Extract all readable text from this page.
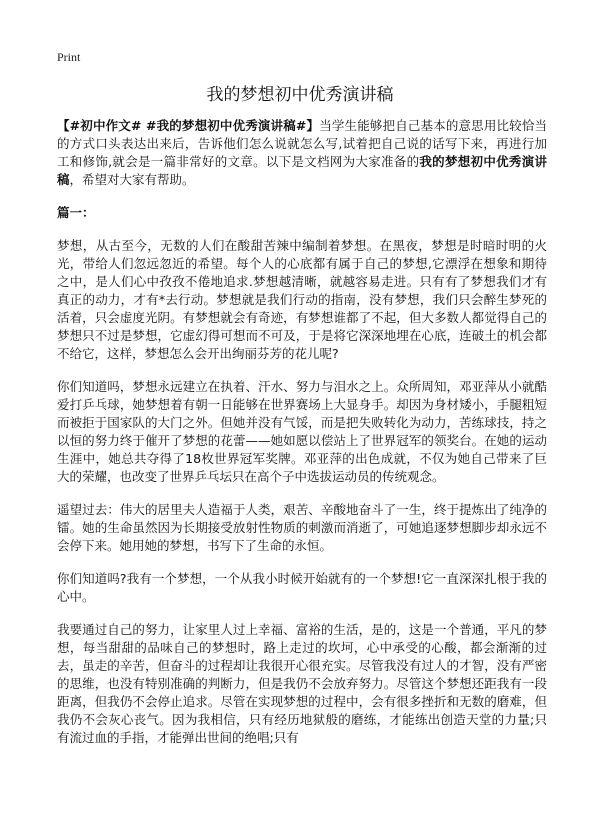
Print
我的梦想初中优秀演讲稿

【#初中作文# #我的梦想初中优秀演讲稿#】当学生能够把自己基本的意思用比较恰当的方式口头表达出来后，告诉他们怎么说就怎么写,试着把自己说的话写下来，再进行加工和修饰,就会是一篇非常好的文章。以下是文档网为大家准备的我的梦想初中优秀演讲稿，希望对大家有帮助。

篇一：

梦想，从古至今，无数的人们在酸甜苦辣中编制着梦想。在黑夜，梦想是时暗时明的火光，带给人们忽远忽近的希望。每个人的心底都有属于自己的梦想,它漂浮在想象和期待之中，是人们心中孜孜不倦地追求.梦想越清晰，就越容易走进。只有有了梦想我们才有真正的动力，才有*去行动。梦想就是我们行动的指南，没有梦想，我们只会醉生梦死的活着，只会虚度光阴。有梦想就会有奇迹，有梦想谁都了不起，但大多数人都觉得自己的梦想只不过是梦想，它虚幻得可想而不可及，于是将它深深地埋在心底，连破土的机会都不给它，这样，梦想怎么会开出绚丽芬芳的花儿呢?

你们知道吗，梦想永远建立在执着、汗水、努力与泪水之上。众所周知，邓亚萍从小就酷爱打乒乓球，她梦想着有朝一日能够在世界赛场上大显身手。却因为身材矮小，手腿粗短而被拒于国家队的大门之外。但她并没有气馁，而是把失败转化为动力，苦练球技，持之以恒的努力终于催开了梦想的花蕾——她如愿以偿站上了世界冠军的领奖台。在她的运动生涯中，她总共夺得了18枚世界冠军奖牌。邓亚萍的出色成就，不仅为她自己带来了巨大的荣耀，也改变了世界乒乓坛只在高个子中选拔运动员的传统观念。

遥望过去：伟大的居里夫人造福于人类，艰苦、辛酸地奋斗了一生，终于提炼出了纯净的镭。她的生命虽然因为长期接受放射性物质的刺激而消逝了，可她追逐梦想脚步却永远不会停下来。她用她的梦想，书写下了生命的永恒。

你们知道吗?我有一个梦想，一个从我小时候开始就有的一个梦想!它一直深深扎根于我的心中。

我要通过自己的努力，让家里人过上幸福、富裕的生活，是的，这是一个普通，平凡的梦想，每当甜甜的品味自己的梦想时，路上走过的坎坷，心中承受的心酸，都会渐渐的过去，虽走的辛苦，但奋斗的过程却让我很开心很充实。尽管我没有过人的才智，没有严密的思维，也没有特别准确的判断力，但是我仍不会放弃努力。尽管这个梦想还距我有一段距离，但我仍不会停止追求。尽管在实现梦想的过程中，会有很多挫折和无数的磨难，但我仍不会灰心丧气。因为我相信，只有经历地狱般的磨练，才能练出创造天堂的力量;只有流过血的手指，才能弹出世间的绝唱;只有
